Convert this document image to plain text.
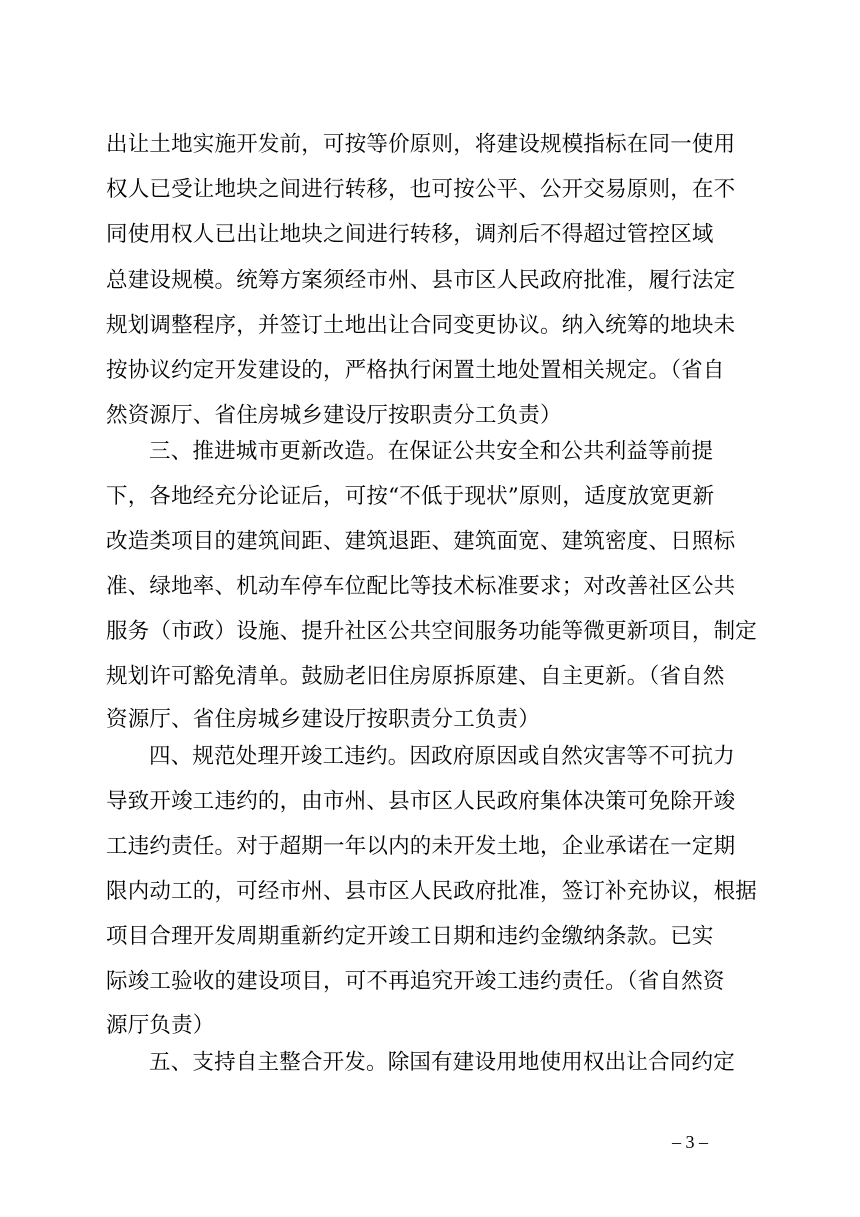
出让土地实施开发前，可按等价原则，将建设规模指标在同一使用
权人已受让地块之间进行转移，也可按公平、公开交易原则，在不
同使用权人已出让地块之间进行转移，调剂后不得超过管控区域
总建设规模。统筹方案须经市州、县市区人民政府批准，履行法定
规划调整程序，并签订土地出让合同变更协议。纳入统筹的地块未
按协议约定开发建设的，严格执行闲置土地处置相关规定。（省自
然资源厅、省住房城乡建设厅按职责分工负责）
三、推进城市更新改造。在保证公共安全和公共利益等前提
下，各地经充分论证后，可按“不低于现状”原则，适度放宽更新
改造类项目的建筑间距、建筑退距、建筑面宽、建筑密度、日照标
准、绿地率、机动车停车位配比等技术标准要求；对改善社区公共
服务（市政）设施、提升社区公共空间服务功能等微更新项目，制定
规划许可豁免清单。鼓励老旧住房原拆原建、自主更新。（省自然
资源厅、省住房城乡建设厅按职责分工负责）
四、规范处理开竣工违约。因政府原因或自然灾害等不可抗力
导致开竣工违约的，由市州、县市区人民政府集体决策可免除开竣
工违约责任。对于超期一年以内的未开发土地，企业承诺在一定期
限内动工的，可经市州、县市区人民政府批准，签订补充协议，根据
项目合理开发周期重新约定开竣工日期和违约金缴纳条款。已实
际竣工验收的建设项目，可不再追究开竣工违约责任。（省自然资
源厅负责）
五、支持自主整合开发。除国有建设用地使用权出让合同约定
– 3 –
